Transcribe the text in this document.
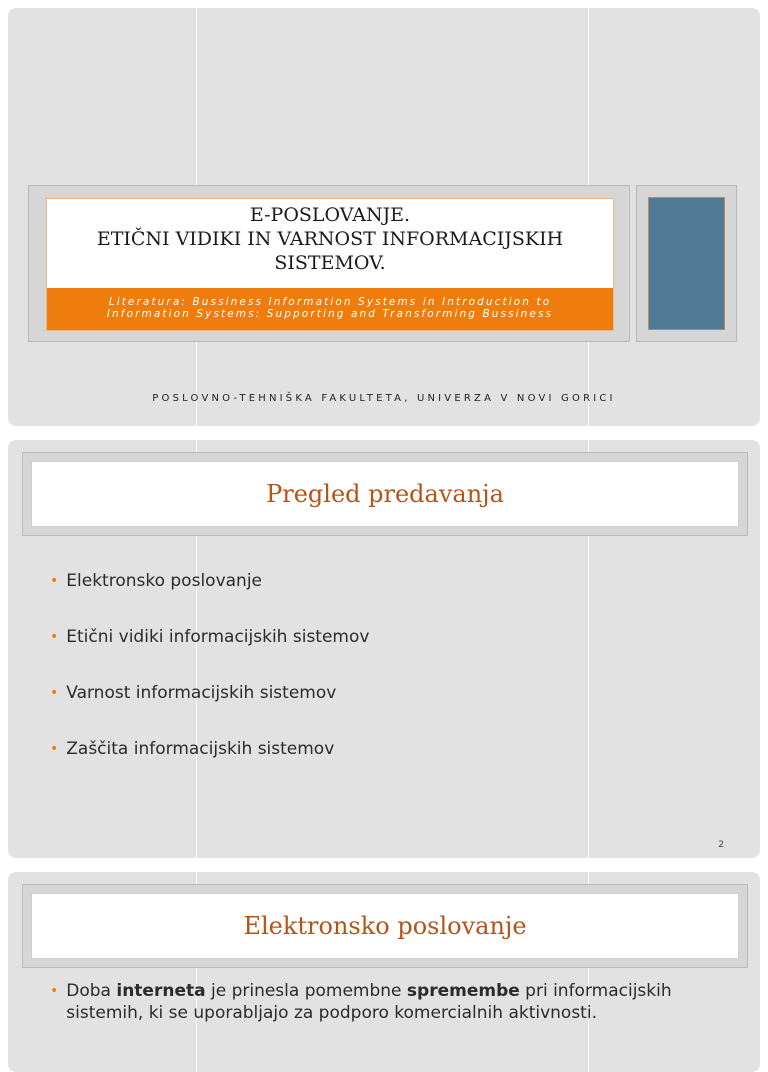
E-POSLOVANJE.
ETIČNI VIDIKI IN VARNOST INFORMACIJSKIH
SISTEMOV.
Literatura: Bussiness Information Systems in Introduction to
Information Systems: Supporting and Transforming Bussiness
POSLOVNO-TEHNIŠKA FAKULTETA, UNIVERZA V NOVI GORICI
Pregled predavanja
• Elektronsko poslovanje
• Etični vidiki informacijskih sistemov
• Varnost informacijskih sistemov
• Zaščita informacijskih sistemov
2
Elektronsko poslovanje
• Doba interneta je prinesla pomembne spremembe pri informacijskih sistemih, ki se uporabljajo za podporo komercialnih aktivnosti.
